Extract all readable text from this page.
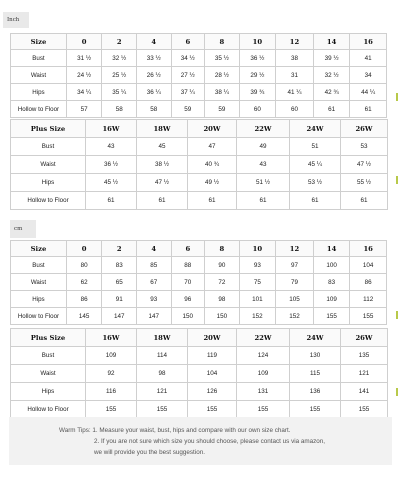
Inch
Size	0	2	4	6	8	10	12	14	16
Bust	31 ½	32 ½	33 ½	34 ½	35 ½	36 ½	38	39 ½	41
Waist	24 ½	25 ½	26 ½	27 ½	28 ½	29 ½	31	32 ½	34
Hips	34 ¼	35 ¼	36 ¼	37 ¼	38 ¼	39 ¾	41 ¼	42 ¾	44 ¼
Hollow to Floor	57	58	58	59	59	60	60	61	61
Plus Size	16W	18W	20W	22W	24W	26W
Bust	43	45	47	49	51	53
Waist	36 ½	38 ½	40 ¾	43	45 ¼	47 ½
Hips	45 ½	47 ½	49 ½	51 ½	53 ½	55 ½
Hollow to Floor	61	61	61	61	61	61
cm
Size	0	2	4	6	8	10	12	14	16
Bust	80	83	85	88	90	93	97	100	104
Waist	62	65	67	70	72	75	79	83	86
Hips	86	91	93	96	98	101	105	109	112
Hollow to Floor	145	147	147	150	150	152	152	155	155
Plus Size	16W	18W	20W	22W	24W	26W
Bust	109	114	119	124	130	135
Waist	92	98	104	109	115	121
Hips	116	121	126	131	136	141
Hollow to Floor	155	155	155	155	155	155
Warm Tips: 1. Measure your waist, bust, hips and compare with our own size chart.
2. If you are not sure which size you should choose, please contact us via amazon,
we will provide you the best suggestion.
